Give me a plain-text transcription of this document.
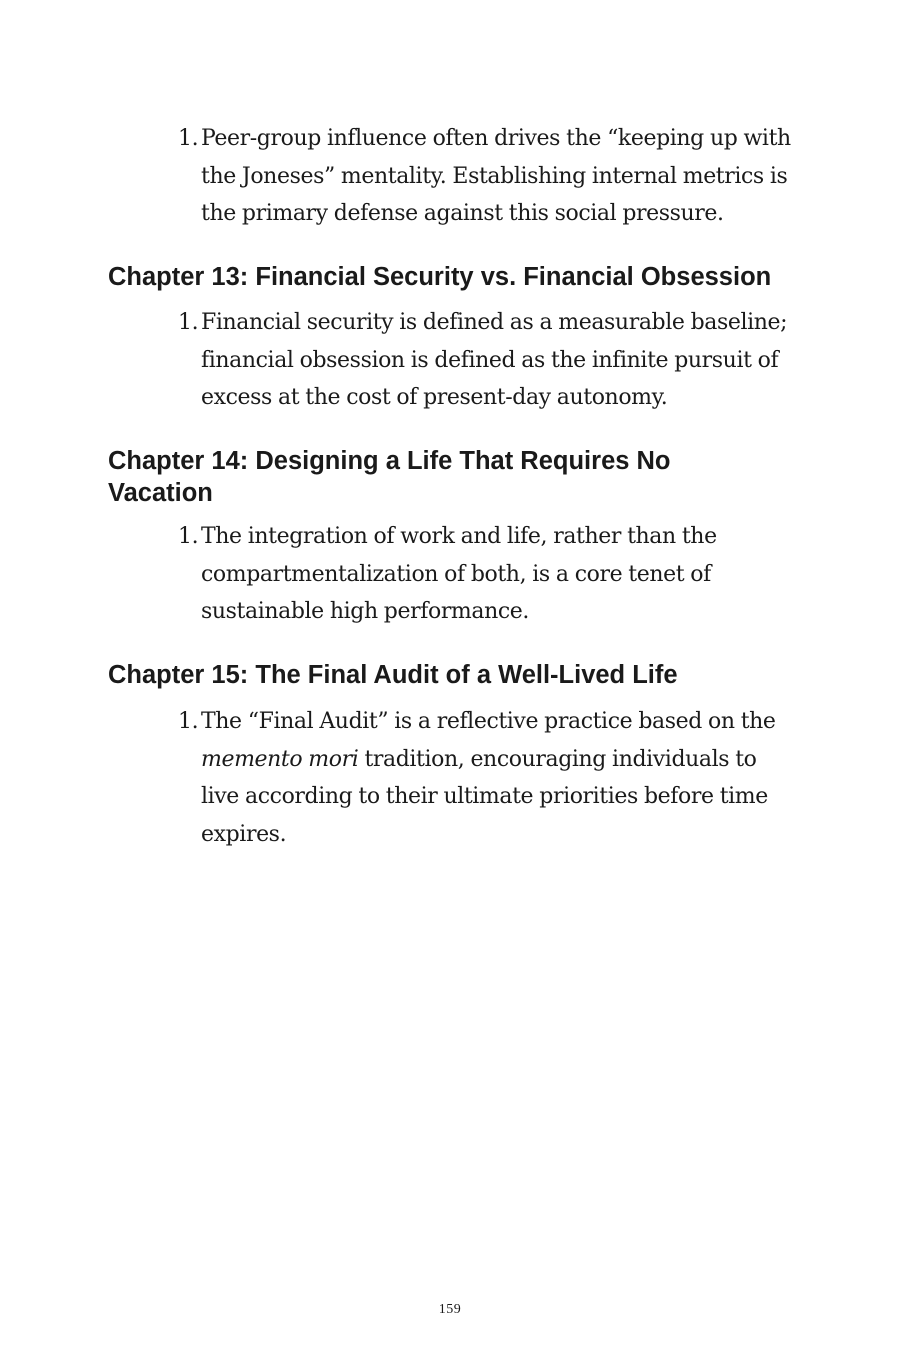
1. Peer-group influence often drives the “keeping up with the Joneses” mentality. Establishing internal metrics is the primary defense against this social pressure.
Chapter 13: Financial Security vs. Financial Obsession
1. Financial security is defined as a measurable baseline; financial obsession is defined as the infinite pursuit of excess at the cost of present-day autonomy.
Chapter 14: Designing a Life That Requires No Vacation
1. The integration of work and life, rather than the compartmentalization of both, is a core tenet of sustainable high performance.
Chapter 15: The Final Audit of a Well-Lived Life
1. The “Final Audit” is a reflective practice based on the memento mori tradition, encouraging individuals to live according to their ultimate priorities before time expires.
159
